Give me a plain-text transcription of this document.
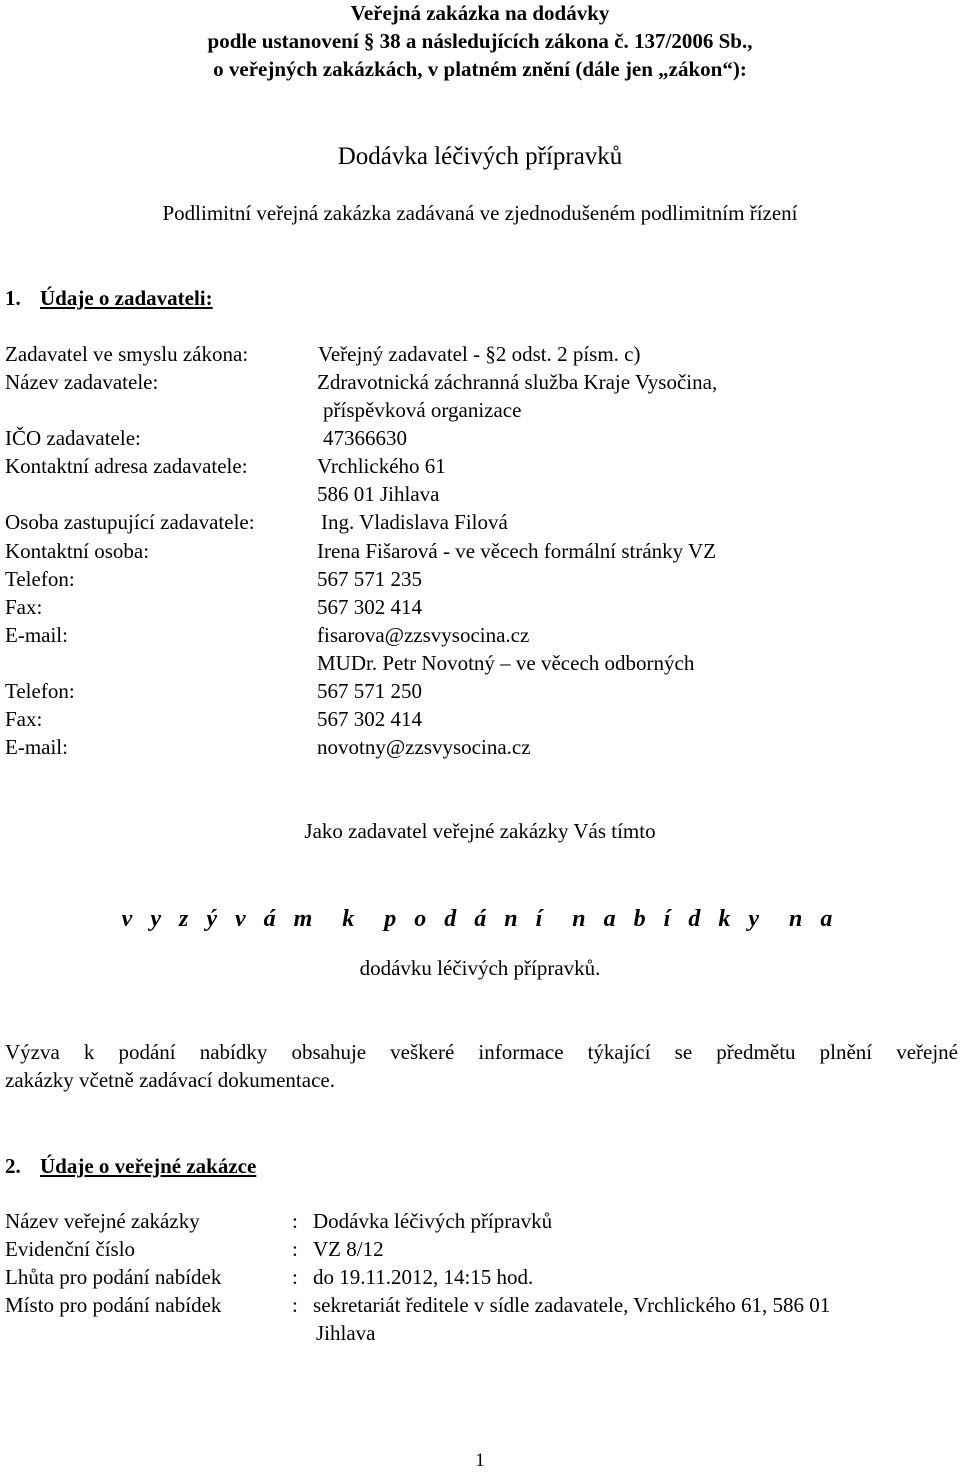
Veřejná zakázka na dodávky
podle ustanovení § 38 a následujících zákona č. 137/2006 Sb.,
o veřejných zakázkách, v platném znění (dále jen „zákon“):
Dodávka léčivých přípravků
Podlimitní veřejná zakázka zadávaná ve zjednodušeném podlimitním řízení
1. Údaje o zadavateli:
Zadavatel ve smyslu zákona:	Veřejný zadavatel - §2 odst. 2 písm. c)
Název zadavatele:	Zdravotnická záchranná služba Kraje Vysočina,
příspěvková organizace
IČO zadavatele:	47366630
Kontaktní adresa zadavatele:	Vrchlického 61
586 01 Jihlava
Osoba zastupující zadavatele:	Ing. Vladislava Filová
Kontaktní osoba:	Irena Fišarová - ve věcech formální stránky VZ
Telefon:	567 571 235
Fax:	567 302 414
E-mail:	fisarova@zzsvysocina.cz
MUDr. Petr Novotný – ve věcech odborných
Telefon:	567 571 250
Fax:	567 302 414
E-mail:	novotny@zzsvysocina.cz
Jako zadavatel veřejné zakázky Vás tímto
v y z ý v á m  k  p o d á n í  n a b í d k y  n a
dodávku léčivých přípravků.
Výzva k podání nabídky obsahuje veškeré informace týkající se předmětu plnění veřejné
zakázky včetně zadávací dokumentace.
2. Údaje o veřejné zakázce
Název veřejné zakázky	: Dodávka léčivých přípravků
Evidenční číslo	: VZ 8/12
Lhůta pro podání nabídek	: do 19.11.2012, 14:15 hod.
Místo pro podání nabídek	: sekretariát ředitele v sídle zadavatele, Vrchlického 61, 586 01
Jihlava
1
